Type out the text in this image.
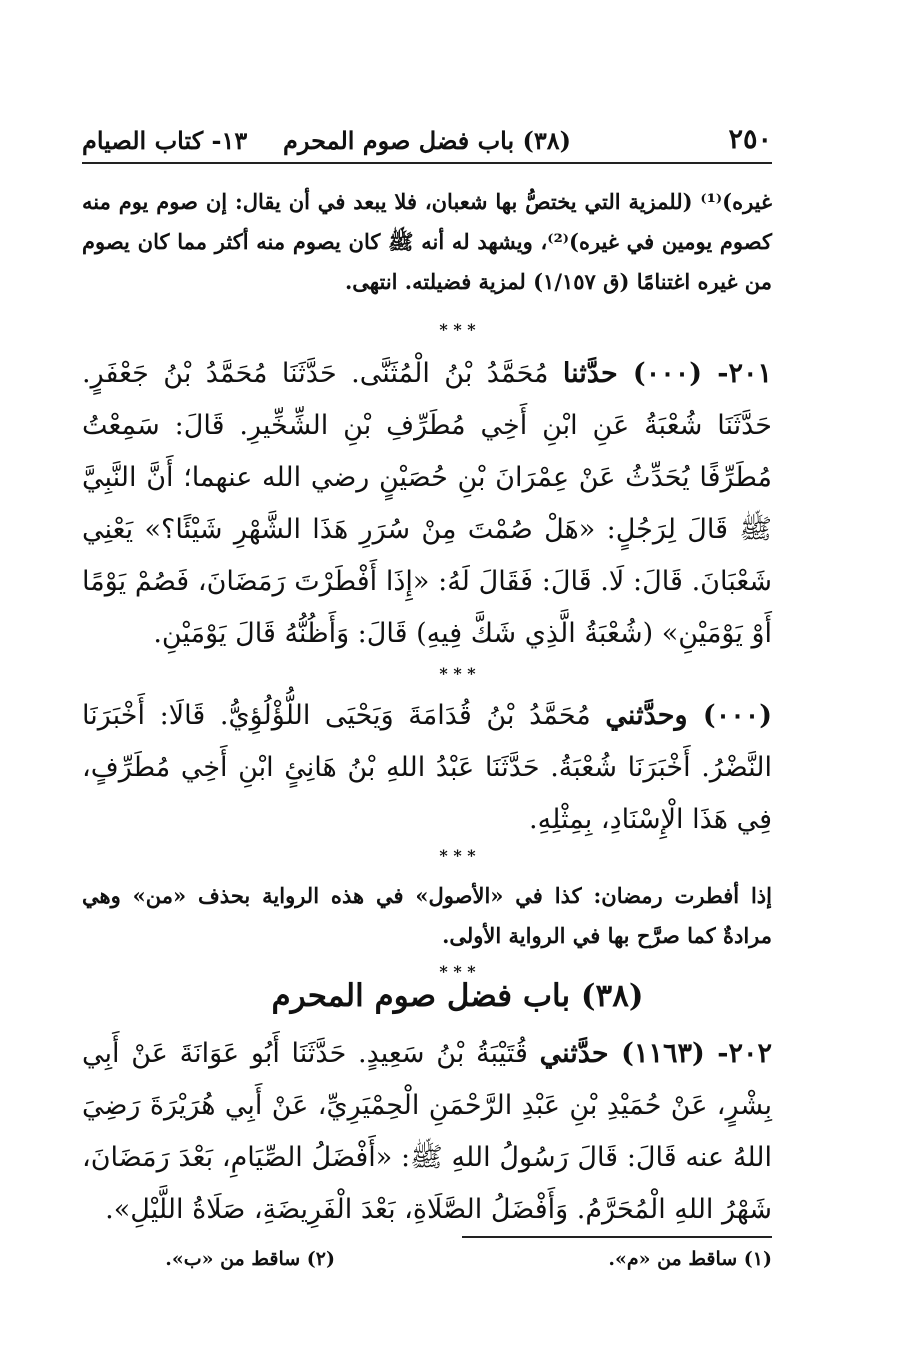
٢٥٠
(٣٨) باب فضل صوم المحرم
١٣- كتاب الصيام
غيره)⁽¹⁾ (للمزية التي يختصُّ بها شعبان، فلا يبعد في أن يقال: إن صوم يوم منه كصوم يومين في غيره)⁽²⁾، ويشهد له أنه ﷺ كان يصوم منه أكثر مما كان يصوم من غيره اغتنامًا (ق ١/١٥٧) لمزية فضيلته. انتهى.
* * *
٢٠١- (٠٠٠) حدَّثنا مُحَمَّدُ بْنُ الْمُثَنَّى. حَدَّثَنَا مُحَمَّدُ بْنُ جَعْفَرٍ. حَدَّثَنَا شُعْبَةُ عَنِ ابْنِ أَخِي مُطَرِّفِ بْنِ الشِّخِّيرِ. قَالَ: سَمِعْتُ مُطَرِّفًا يُحَدِّثُ عَنْ عِمْرَانَ بْنِ حُصَيْنٍ رضي الله عنهما؛ أَنَّ النَّبِيَّ ﷺ قَالَ لِرَجُلٍ: «هَلْ صُمْتَ مِنْ سُرَرِ هَذَا الشَّهْرِ شَيْئًا؟» يَعْنِي شَعْبَانَ. قَالَ: لَا. قَالَ: فَقَالَ لَهُ: «إِذَا أَفْطَرْتَ رَمَضَانَ، فَصُمْ يَوْمًا أَوْ يَوْمَيْنِ» (شُعْبَةُ الَّذِي شَكَّ فِيهِ) قَالَ: وَأَظُنُّهُ قَالَ يَوْمَيْنِ.
* * *
(٠٠٠) وحدَّثني مُحَمَّدُ بْنُ قُدَامَةَ وَيَحْيَى اللُّؤْلُؤِيُّ. قَالَا: أَخْبَرَنَا النَّضْرُ. أَخْبَرَنَا شُعْبَةُ. حَدَّثَنَا عَبْدُ اللهِ بْنُ هَانِئٍ ابْنِ أَخِي مُطَرِّفٍ، فِي هَذَا الْإِسْنَادِ، بِمِثْلِهِ.
* * *
إذا أفطرت رمضان: كذا في «الأصول» في هذه الرواية بحذف «من» وهي مرادةٌ كما صرَّح بها في الرواية الأولى.
* * *
(٣٨) باب فضل صوم المحرم
٢٠٢- (١١٦٣) حدَّثني قُتَيْبَةُ بْنُ سَعِيدٍ. حَدَّثَنَا أَبُو عَوَانَةَ عَنْ أَبِي بِشْرٍ، عَنْ حُمَيْدِ بْنِ عَبْدِ الرَّحْمَنِ الْحِمْيَرِيِّ، عَنْ أَبِي هُرَيْرَةَ رَضِيَ اللهُ عنه قَالَ: قَالَ رَسُولُ اللهِ ﷺ: «أَفْضَلُ الصِّيَامِ، بَعْدَ رَمَضَانَ، شَهْرُ اللهِ الْمُحَرَّمُ. وَأَفْضَلُ الصَّلَاةِ، بَعْدَ الْفَرِيضَةِ، صَلَاةُ اللَّيْلِ».
(١) ساقط من «م».
(٢) ساقط من «ب».
